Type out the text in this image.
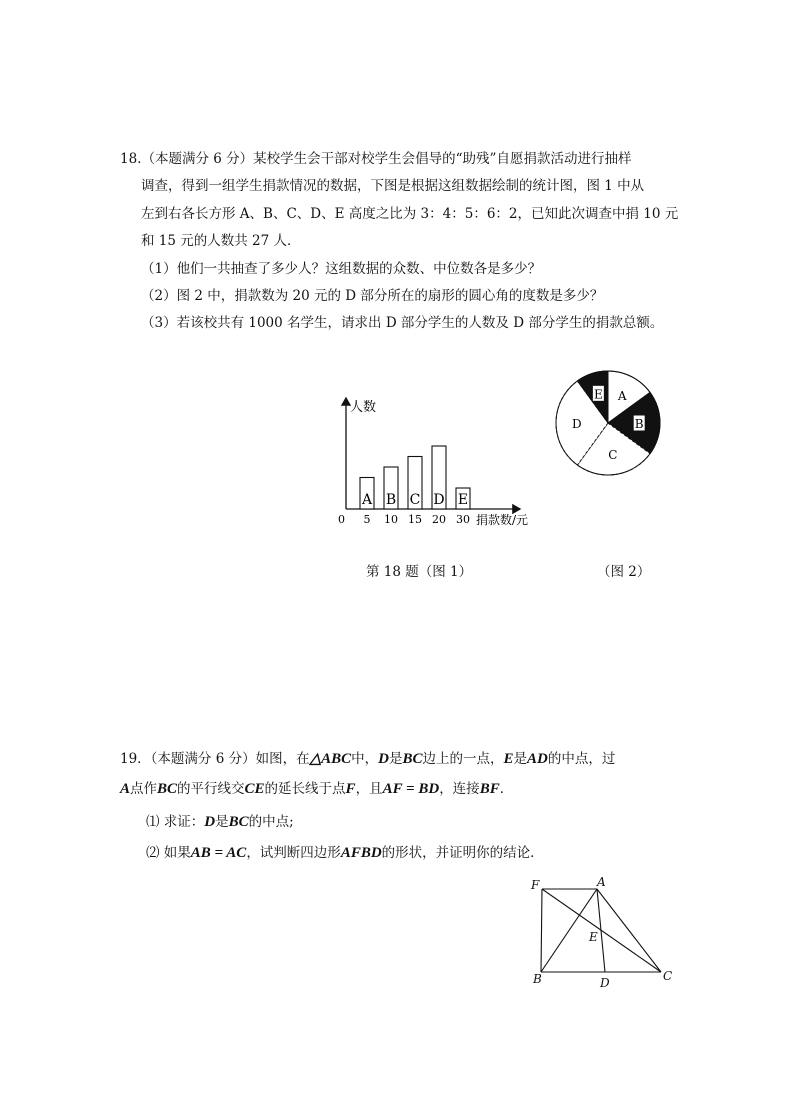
18.（本题满分 6 分）某校学生会干部对校学生会倡导的“助残”自愿捐款活动进行抽样
调查，得到一组学生捐款情况的数据，下图是根据这组数据绘制的统计图，图 1 中从
左到右各长方形 A、B、C、D、E 高度之比为 3：4：5：6：2，已知此次调查中捐 10 元
和 15 元的人数共 27 人．
（1）他们一共抽查了多少人？这组数据的众数、中位数各是多少？
（2）图 2 中，捐款数为 20 元的 D 部分所在的扇形的圆心角的度数是多少？
（3）若该校共有 1000 名学生，请求出 D 部分学生的人数及 D 部分学生的捐款总额。
人数
捐款数/元
0
A
5
B
10
C
15
D
20
E
30
A
B
C
D
E
第 18 题（图 1）	（图 2）
19．（本题满分 6 分）如图，在△ABC中，D是BC边上的一点，E是AD的中点，过
A点作BC的平行线交CE的延长线于点F，且AF = BD，连接BF．
⑴ 求证：D是BC的中点;
⑵ 如果AB = AC，试判断四边形AFBD的形状，并证明你的结论．
F	A
E
B	D	C
